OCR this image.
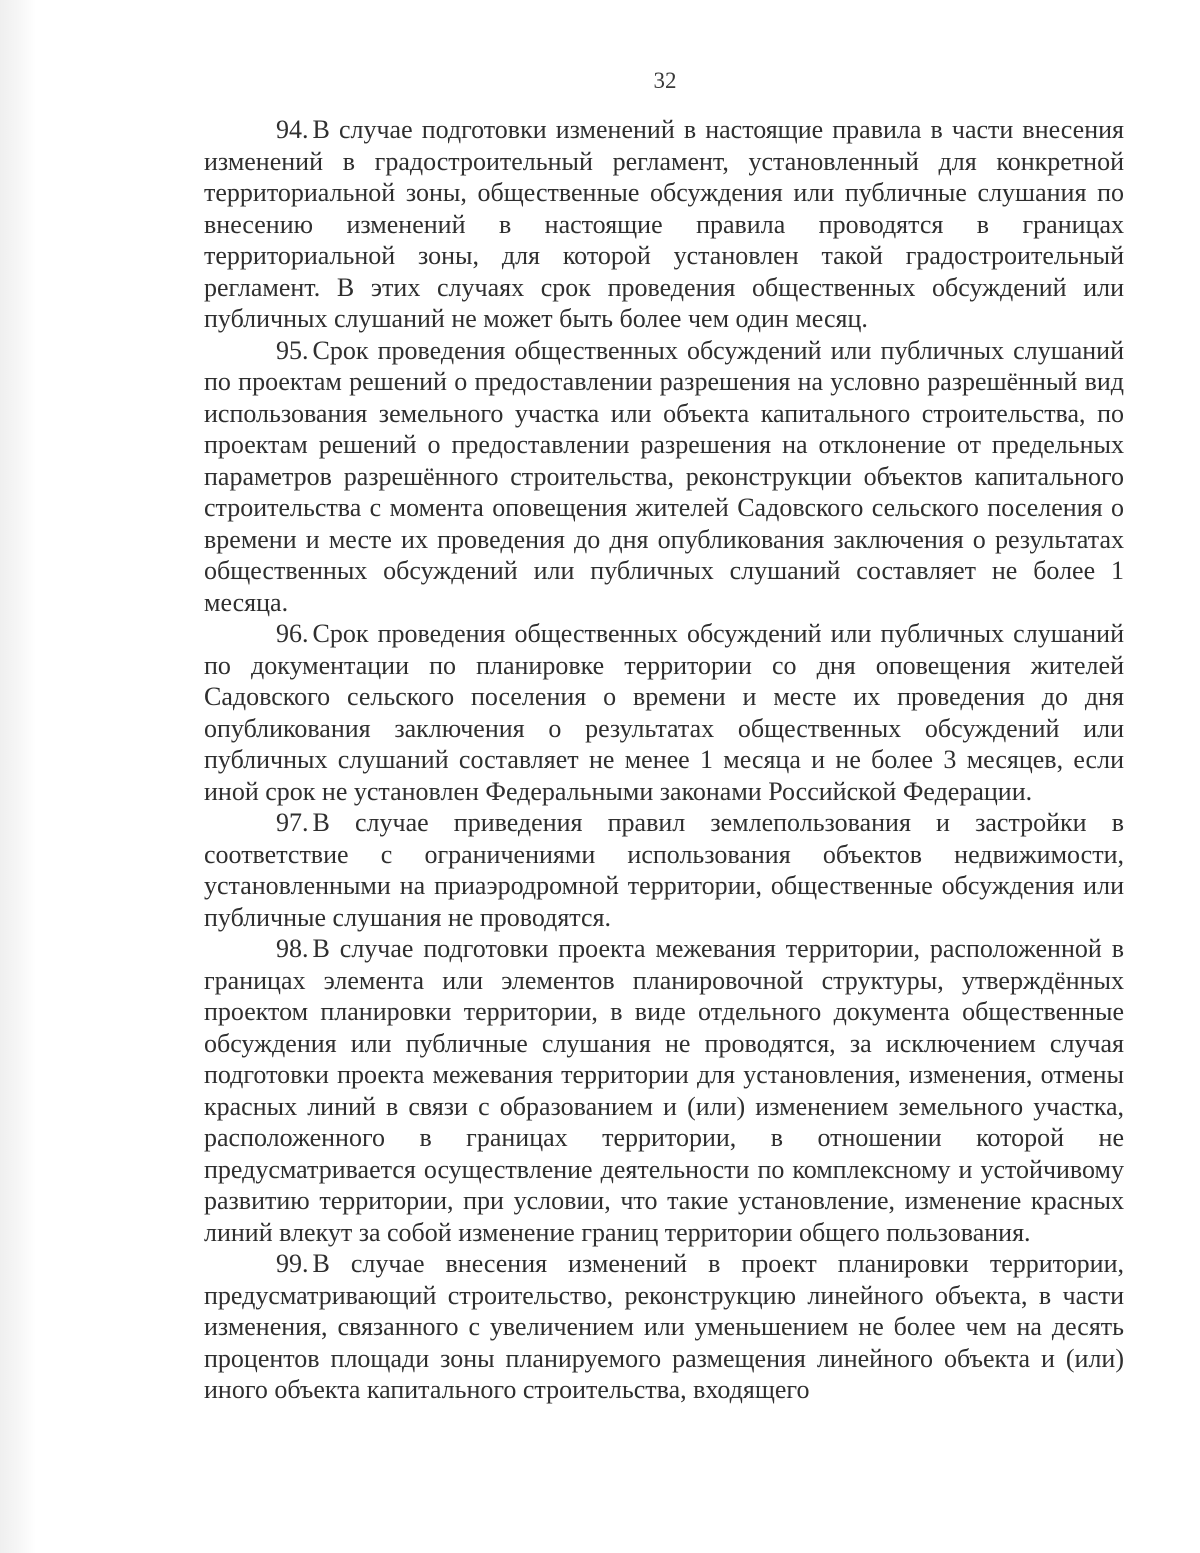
32

94. В случае подготовки изменений в настоящие правила в части внесения изменений в градостроительный регламент, установленный для конкретной территориальной зоны, общественные обсуждения или публичные слушания по внесению изменений в настоящие правила проводятся в границах территориальной зоны, для которой установлен такой градостроительный регламент. В этих случаях срок проведения общественных обсуждений или публичных слушаний не может быть более чем один месяц.

95. Срок проведения общественных обсуждений или публичных слушаний по проектам решений о предоставлении разрешения на условно разрешённый вид использования земельного участка или объекта капитального строительства, по проектам решений о предоставлении разрешения на отклонение от предельных параметров разрешённого строительства, реконструкции объектов капитального строительства с момента оповещения жителей Садовского сельского поселения о времени и месте их проведения до дня опубликования заключения о результатах общественных обсуждений или публичных слушаний составляет не более 1 месяца.

96. Срок проведения общественных обсуждений или публичных слушаний по документации по планировке территории со дня оповещения жителей Садовского сельского поселения о времени и месте их проведения до дня опубликования заключения о результатах общественных обсуждений или публичных слушаний составляет не менее 1 месяца и не более 3 месяцев, если иной срок не установлен Федеральными законами Российской Федерации.

97. В случае приведения правил землепользования и застройки в соответствие с ограничениями использования объектов недвижимости, установленными на приаэродромной территории, общественные обсуждения или публичные слушания не проводятся.

98. В случае подготовки проекта межевания территории, расположенной в границах элемента или элементов планировочной структуры, утверждённых проектом планировки территории, в виде отдельного документа общественные обсуждения или публичные слушания не проводятся, за исключением случая подготовки проекта межевания территории для установления, изменения, отмены красных линий в связи с образованием и (или) изменением земельного участка, расположенного в границах территории, в отношении которой не предусматривается осуществление деятельности по комплексному и устойчивому развитию территории, при условии, что такие установление, изменение красных линий влекут за собой изменение границ территории общего пользования.

99. В случае внесения изменений в проект планировки территории, предусматривающий строительство, реконструкцию линейного объекта, в части изменения, связанного с увеличением или уменьшением не более чем на десять процентов площади зоны планируемого размещения линейного объекта и (или) иного объекта капитального строительства, входящего
